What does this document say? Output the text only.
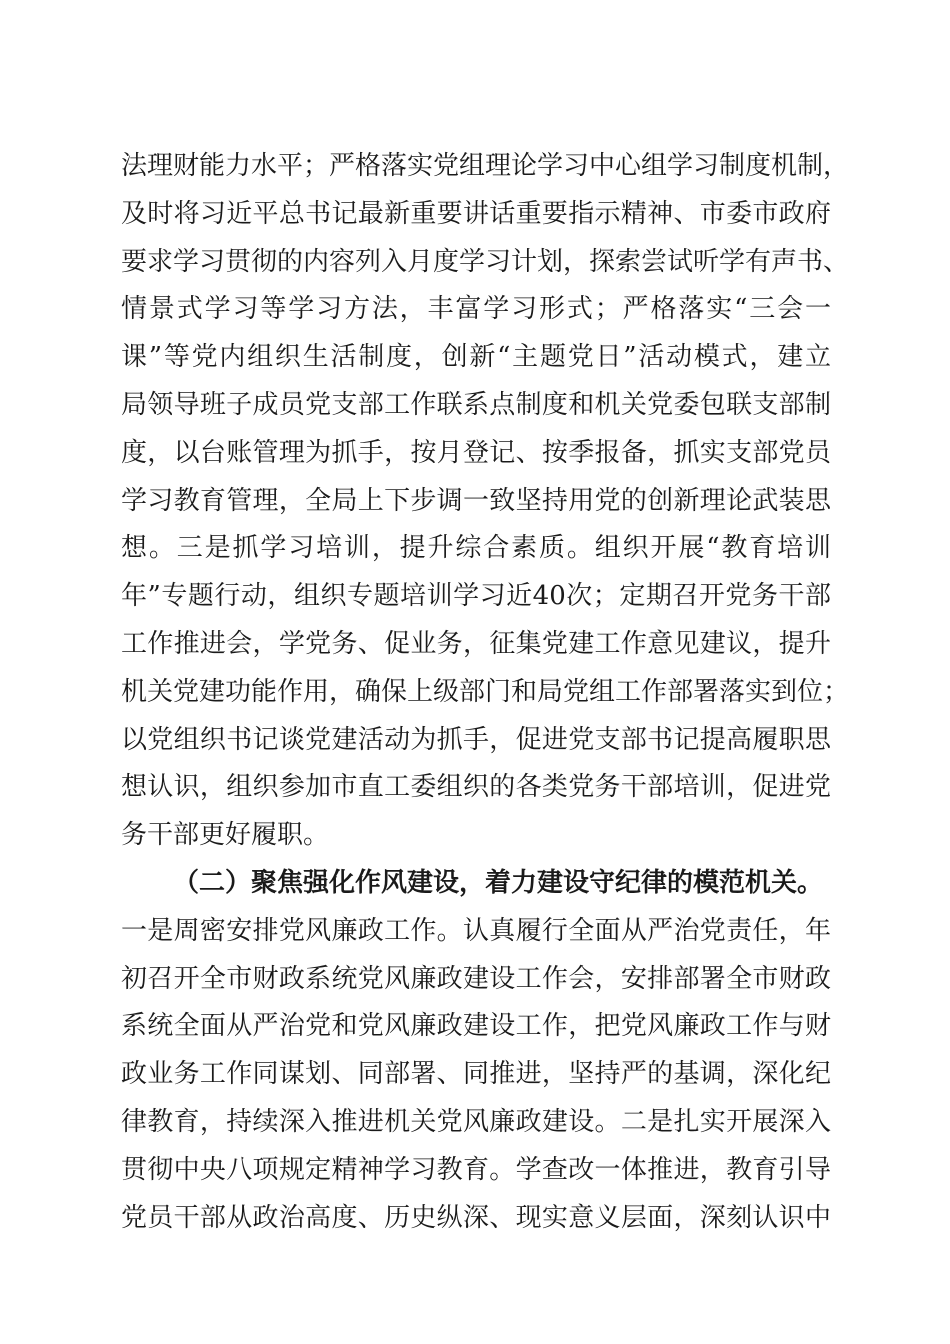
法理财能力水平；严格落实党组理论学习中心组学习制度机制，
及时将习近平总书记最新重要讲话重要指示精神、市委市政府
要求学习贯彻的内容列入月度学习计划，探索尝试听学有声书、
情景式学习等学习方法，丰富学习形式；严格落实“三会一
课”等党内组织生活制度，创新“主题党日”活动模式，建立
局领导班子成员党支部工作联系点制度和机关党委包联支部制
度，以台账管理为抓手，按月登记、按季报备，抓实支部党员
学习教育管理，全局上下步调一致坚持用党的创新理论武装思
想。三是抓学习培训，提升综合素质。组织开展“教育培训
年”专题行动，组织专题培训学习近40次；定期召开党务干部
工作推进会，学党务、促业务，征集党建工作意见建议，提升
机关党建功能作用，确保上级部门和局党组工作部署落实到位；
以党组织书记谈党建活动为抓手，促进党支部书记提高履职思
想认识，组织参加市直工委组织的各类党务干部培训，促进党
务干部更好履职。
（二）聚焦强化作风建设，着力建设守纪律的模范机关。
一是周密安排党风廉政工作。认真履行全面从严治党责任，年
初召开全市财政系统党风廉政建设工作会，安排部署全市财政
系统全面从严治党和党风廉政建设工作，把党风廉政工作与财
政业务工作同谋划、同部署、同推进，坚持严的基调，深化纪
律教育，持续深入推进机关党风廉政建设。二是扎实开展深入
贯彻中央八项规定精神学习教育。学查改一体推进，教育引导
党员干部从政治高度、历史纵深、现实意义层面，深刻认识中
